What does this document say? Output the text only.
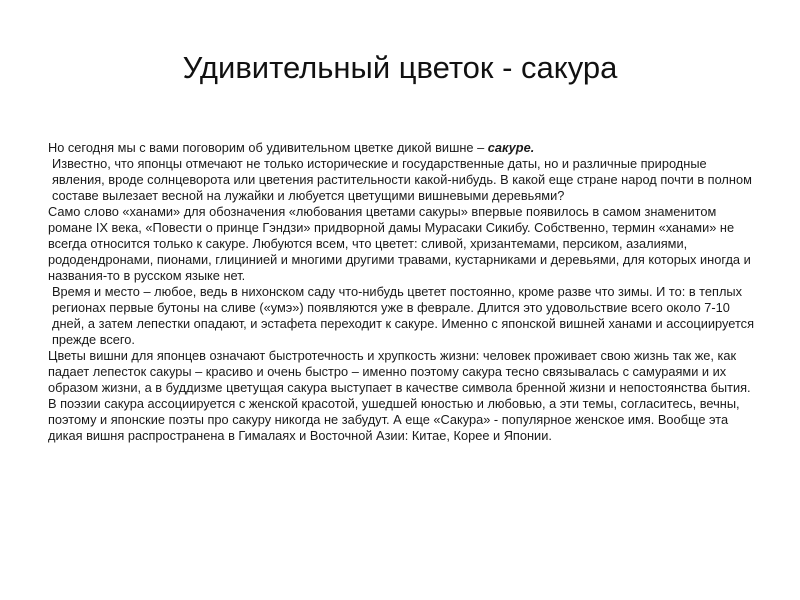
Удивительный цветок - сакура

Но сегодня мы с вами поговорим об удивительном цветке дикой вишне – сакуре.

Известно, что японцы отмечают не только исторические и государственные даты, но и различные природные явления, вроде солнцеворота или цветения растительности какой-нибудь. В какой еще стране народ почти в полном составе вылезает весной на лужайки и любуется цветущими вишневыми деревьями?

Само слово «ханами» для обозначения «любования цветами сакуры» впервые появилось в самом знаменитом романе IX века, «Повести о принце Гэндзи» придворной дамы Мурасаки Сикибу. Собственно, термин «ханами» не всегда относится только к сакуре. Любуются всем, что цветет: сливой, хризантемами, персиком, азалиями, рододендронами, пионами, глицинией и многими другими травами, кустарниками и деревьями, для которых иногда и названия-то в русском языке нет.

Время и место – любое, ведь в нихонском саду что-нибудь цветет постоянно, кроме разве что зимы. И то: в теплых регионах первые бутоны на сливе («умэ») появляются уже в феврале. Длится это удовольствие всего около 7-10 дней, а затем лепестки опадают, и эстафета переходит к сакуре. Именно с японской вишней ханами и ассоциируется прежде всего.

Цветы вишни для японцев означают быстротечность и хрупкость жизни: человек проживает свою жизнь так же, как падает лепесток сакуры – красиво и очень быстро – именно поэтому сакура тесно связывалась с самураями и их образом жизни, а в буддизме цветущая сакура выступает в качестве символа бренной жизни и непостоянства бытия. В поэзии сакура ассоциируется с женской красотой, ушедшей юностью и любовью, а эти темы, согласитесь, вечны, поэтому и японские поэты про сакуру никогда не забудут. А еще «Сакура» - популярное женское имя. Вообще эта дикая вишня распространена в Гималаях и Восточной Азии: Китае, Корее и Японии.
